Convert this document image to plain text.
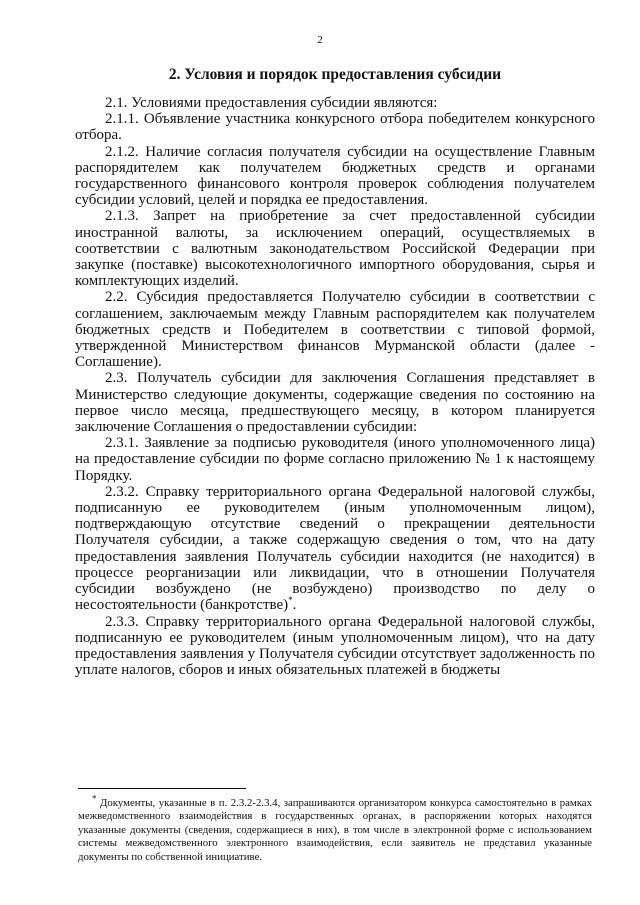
2
2. Условия и порядок предоставления субсидии

2.1. Условиями предоставления субсидии являются:

2.1.1. Объявление участника конкурсного отбора победителем конкурсного отбора.

2.1.2. Наличие согласия получателя субсидии на осуществление Главным распорядителем как получателем бюджетных средств и органами государственного финансового контроля проверок соблюдения получателем субсидии условий, целей и порядка ее предоставления.

2.1.3. Запрет на приобретение за счет предоставленной субсидии иностранной валюты, за исключением операций, осуществляемых в соответствии с валютным законодательством Российской Федерации при закупке (поставке) высокотехнологичного импортного оборудования, сырья и комплектующих изделий.

2.2. Субсидия предоставляется Получателю субсидии в соответствии с соглашением, заключаемым между Главным распорядителем как получателем бюджетных средств и Победителем в соответствии с типовой формой, утвержденной Министерством финансов Мурманской области (далее - Соглашение).

2.3. Получатель субсидии для заключения Соглашения представляет в Министерство следующие документы, содержащие сведения по состоянию на первое число месяца, предшествующего месяцу, в котором планируется заключение Соглашения о предоставлении субсидии:

2.3.1. Заявление за подписью руководителя (иного уполномоченного лица) на предоставление субсидии по форме согласно приложению № 1 к настоящему Порядку.

2.3.2. Справку территориального органа Федеральной налоговой службы, подписанную ее руководителем (иным уполномоченным лицом), подтверждающую отсутствие сведений о прекращении деятельности Получателя субсидии, а также содержащую сведения о том, что на дату предоставления заявления Получатель субсидии находится (не находится) в процессе реорганизации или ликвидации, что в отношении Получателя субсидии возбуждено (не возбуждено) производство по делу о несостоятельности (банкротстве)*.

2.3.3. Справку территориального органа Федеральной налоговой службы, подписанную ее руководителем (иным уполномоченным лицом), что на дату предоставления заявления у Получателя субсидии отсутствует задолженность по уплате налогов, сборов и иных обязательных платежей в бюджеты

* Документы, указанные в п. 2.3.2-2.3.4, запрашиваются организатором конкурса самостоятельно в рамках межведомственного взаимодействия в государственных органах, в распоряжении которых находятся указанные документы (сведения, содержащиеся в них), в том числе в электронной форме с использованием системы межведомственного электронного взаимодействия, если заявитель не представил указанные документы по собственной инициативе.
